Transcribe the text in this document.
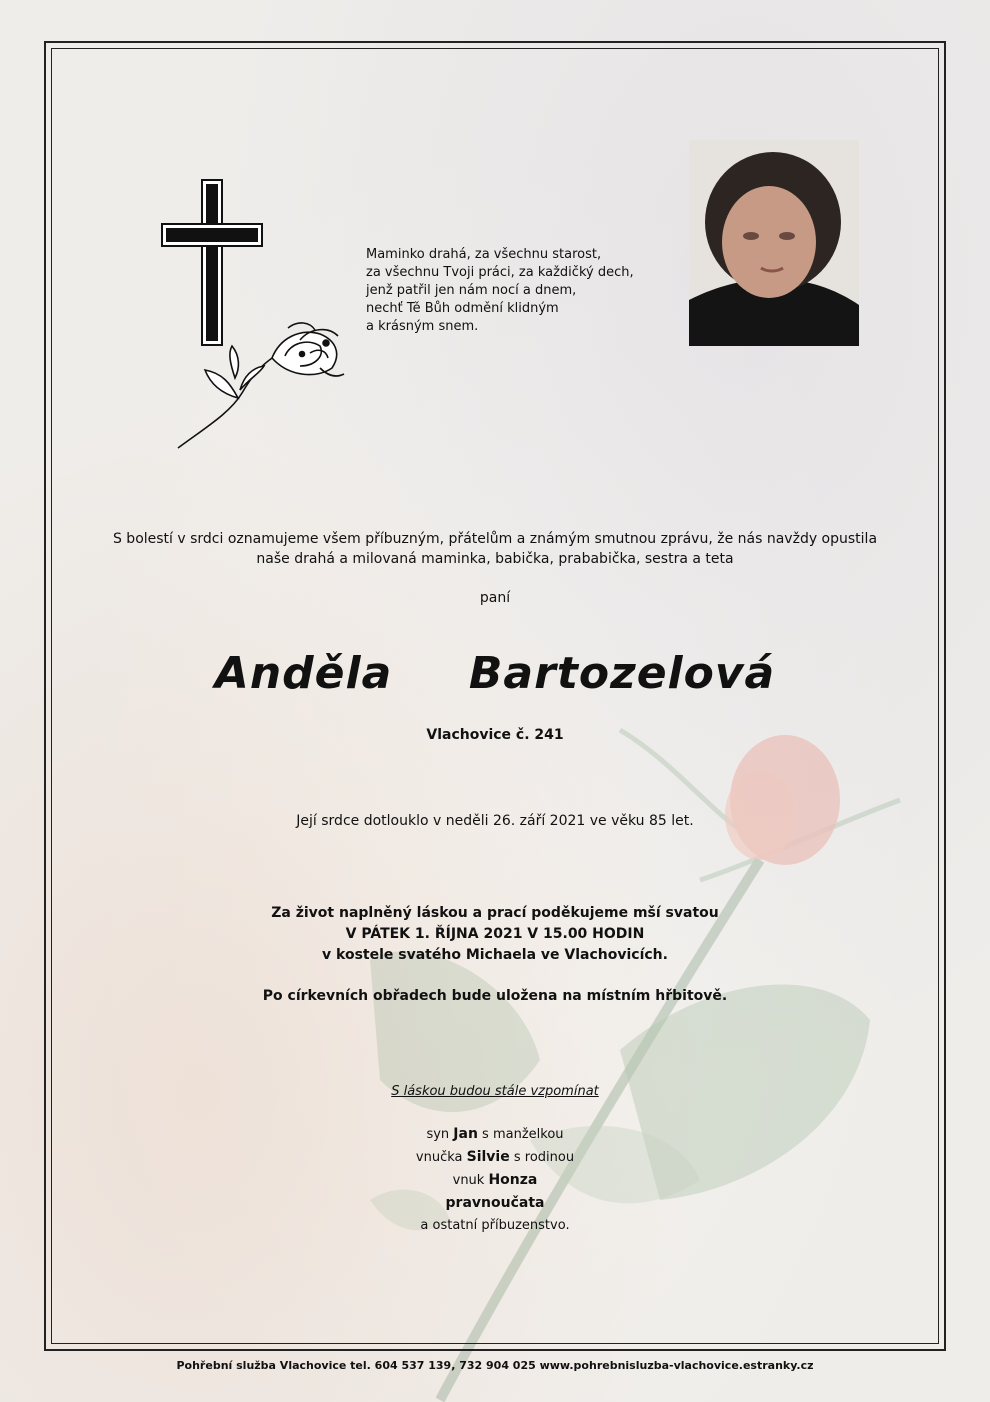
Maminko drahá, za všechnu starost,
za všechnu Tvoji práci, za každičký dech,
jenž patřil jen nám nocí a dnem,
nechť Tě Bůh odmění klidným
a krásným snem.
S bolestí v srdci oznamujeme všem příbuzným, přátelům a známým smutnou zprávu, že nás navždy opustila
naše drahá a milovaná maminka, babička, prababička, sestra a teta
paní
Anděla  Bartozelová
Vlachovice č. 241
Její srdce dotlouklo v neděli 26. září 2021 ve věku 85 let.
Za život naplněný láskou a prací poděkujeme mší svatou
V PÁTEK 1. ŘÍJNA 2021 V 15.00 HODIN
v kostele svatého Michaela ve Vlachovicích.
Po církevních obřadech bude uložena na místním hřbitově.
S láskou budou stále vzpomínat
syn Jan s manželkou
vnučka Silvie s rodinou
vnuk Honza
pravnoučata
a ostatní příbuzenstvo.
Pohřební služba Vlachovice tel. 604 537 139, 732 904 025 www.pohrebnisluzba-vlachovice.estranky.cz
